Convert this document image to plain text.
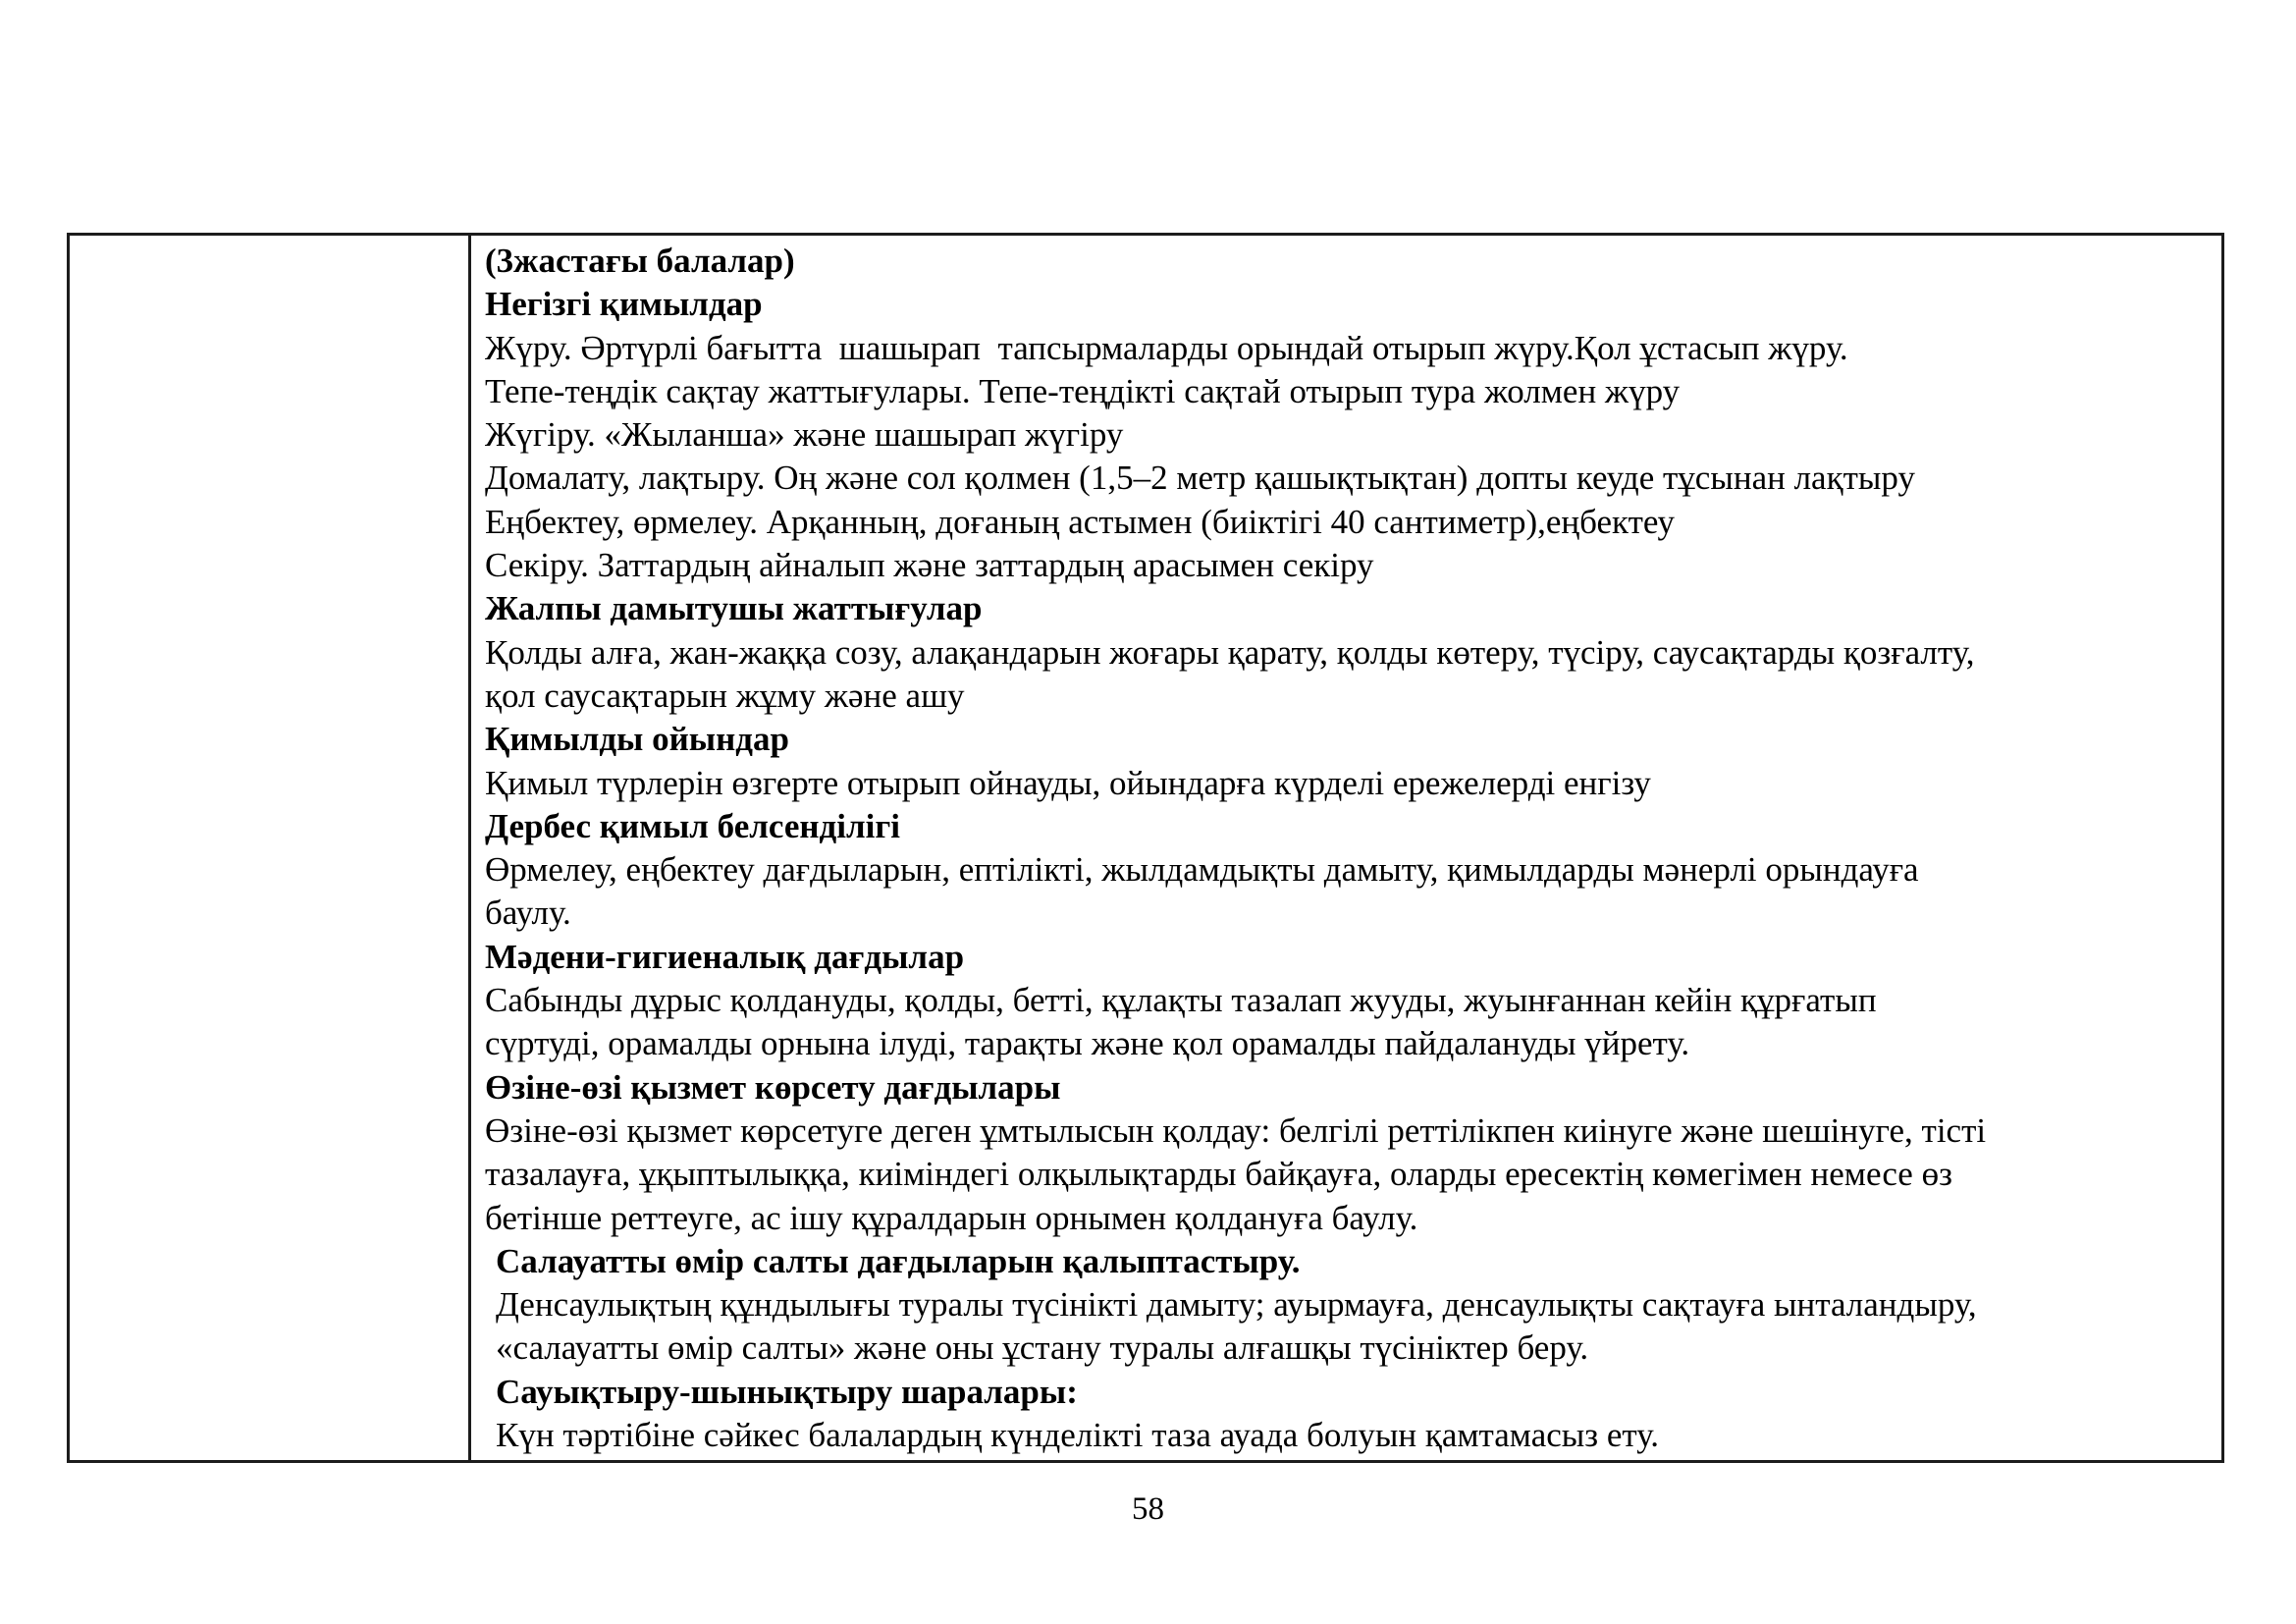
(3жастағы балалар)
Негізгі қимылдар
Жүру. Әртүрлі бағытта  шашырап  тапсырмаларды орындай отырып жүру.Қол ұстасып жүру.
Тепе-теңдік сақтау жаттығулары. Тепе-теңдікті сақтай отырып тура жолмен жүру
Жүгіру. «Жыланша» және шашырап жүгіру
Домалату, лақтыру. Оң және сол қолмен (1,5–2 метр қашықтықтан) допты кеуде тұсынан лақтыру
Еңбектеу, өрмелеу. Арқанның, доғаның астымен (биіктігі 40 сантиметр),еңбектеу
Секіру. Заттардың айналып және заттардың арасымен секіру
Жалпы дамытушы жаттығулар
Қолды алға, жан-жаққа созу, алақандарын жоғары қарату, қолды көтеру, түсіру, саусақтарды қозғалту,
қол саусақтарын жұму және ашу
Қимылды ойындар
Қимыл түрлерін өзгерте отырып ойнауды, ойындарға күрделі ережелерді енгізу
Дербес қимыл белсенділігі
Өрмелеу, еңбектеу дағдыларын, ептілікті, жылдамдықты дамыту, қимылдарды мәнерлі орындауға
баулу.
Мәдени-гигиеналық дағдылар
Сабынды дұрыс қолдануды, қолды, бетті, құлақты тазалап жууды, жуынғаннан кейін құрғатып
сүртуді, орамалды орнына ілуді, тарақты және қол орамалды пайдалануды үйрету.
Өзіне-өзі қызмет көрсету дағдылары
Өзіне-өзі қызмет көрсетуге деген ұмтылысын қолдау: белгілі реттілікпен киінуге және шешінуге, тісті
тазалауға, ұқыптылыққа, киіміндегі олқылықтарды байқауға, оларды ересектің көмегімен немесе өз
бетінше реттеуге, ас ішу құралдарын орнымен қолдануға баулу.
Салауатты өмір салты дағдыларын қалыптастыру.
Денсаулықтың құндылығы туралы түсінікті дамыту; ауырмауға, денсаулықты сақтауға ынталандыру,
«салауатты өмір салты» және оны ұстану туралы алғашқы түсініктер беру.
Сауықтыру-шынықтыру шаралары:
Күн тәртібіне сәйкес балалардың күнделікті таза ауада болуын қамтамасыз ету.
58
